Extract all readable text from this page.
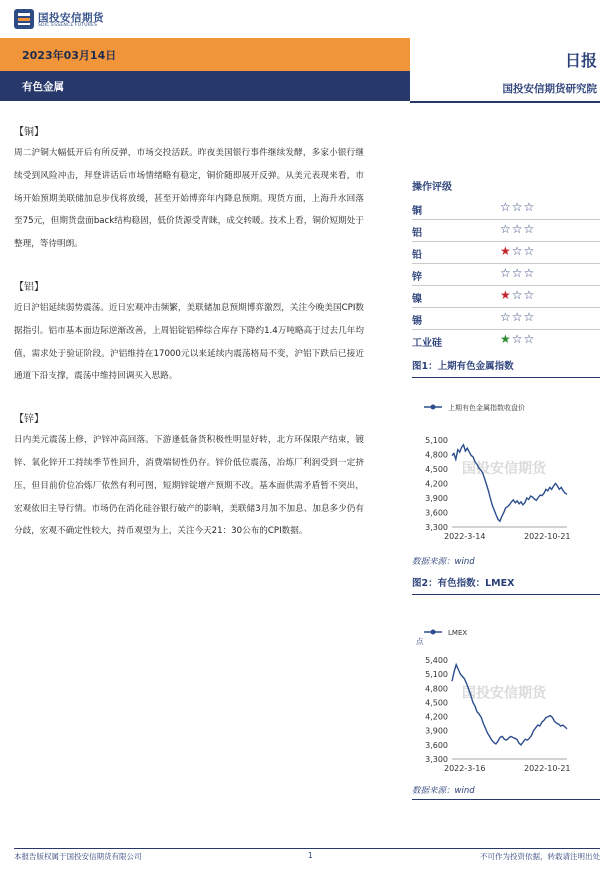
国投安信期货
SDIC ESSENCE FUTURES
2023年03月14日
有色金属
日报
国投安信期货研究院
【铜】
周二沪铜大幅低开后有所反弹，市场交投活跃。昨夜美国银行事件继续发酵，多家小银行继续受到风险冲击，拜登讲话后市场情绪略有稳定，铜价随即展开反弹。从美元表现来看，市场开始预期美联储加息步伐将放缓，甚至开始博弈年内降息预期。现货方面，上海升水回落至75元，但期货盘面back结构稳固，低价货源受青睐，成交转暖。技术上看，铜价短期处于整理，等待明朗。
【铝】
近日沪铝延续弱势震荡。近日宏观冲击频繁，美联储加息预期博弈激烈，关注今晚美国CPI数据指引。铝市基本面边际逆渐改善，上周铝锭铝棒综合库存下降约1.4万吨略高于过去几年均值，需求处于验证阶段。沪铝维持在17000元以来延续内震荡格局不变，沪铝下跌后已接近通道下沿支撑，震荡中维持回调买入思路。
【锌】
日内美元震荡上修，沪锌冲高回落。下游逢低备货积极性明显好转，北方环保限产结束，镀锌、氧化锌开工持续季节性回升，消费端韧性仍存。锌价低位震荡，冶炼厂利润受到一定挤压，但目前价位冶炼厂依然有利可图，短期锌锭增产预期不改。基本面供需矛盾暂不突出，宏观依旧主导行情。市场仍在消化硅谷银行破产的影响，美联储3月加不加息、加息多少仍有分歧，宏观不确定性较大，持币观望为上，关注今天21：30公布的CPI数据。
操作评级
铜	☆☆☆
铝	☆☆☆
铅	★☆☆
锌	☆☆☆
镍	★☆☆
锡	☆☆☆
工业硅	★☆☆
图1：上期有色金属指数
上期有色金属指数收盘价
国投安信期货
5,100
4,800
4,500
4,200
3,900
3,600
3,300
2022-3-14	2022-10-21
数据来源：wind
图2：有色指数：LMEX
点
LMEX
国投安信期货
5,400
5,100
4,800
4,500
4,200
3,900
3,600
3,300
2022-3-16	2022-10-21
数据来源：wind
本报告版权属于国投安信期货有限公司	1	不可作为投资依据，转载请注明出处
